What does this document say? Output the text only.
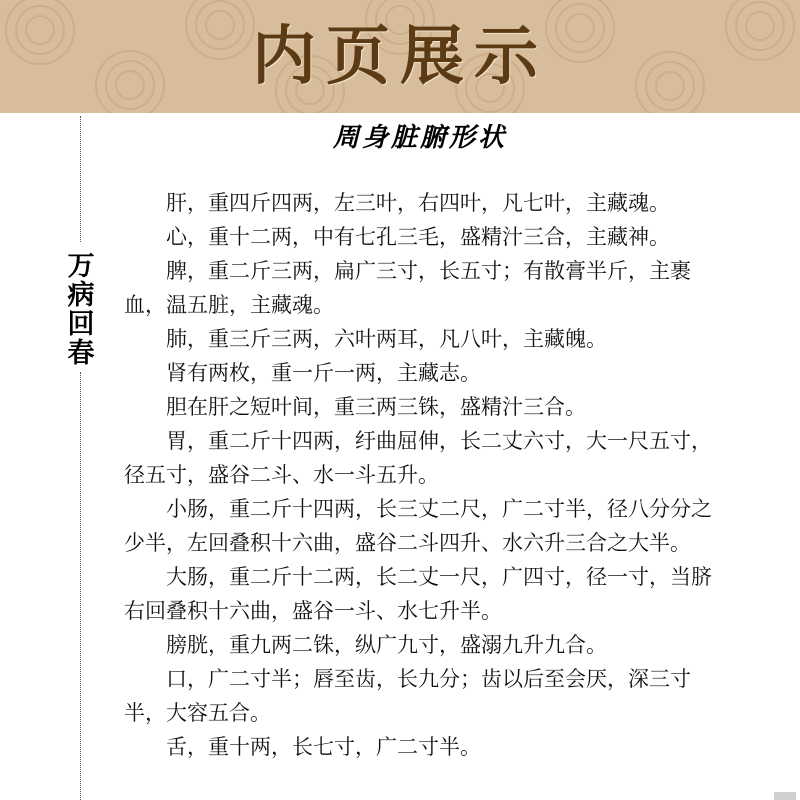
内页展示
万病回春
周身脏腑形状

肝，重四斤四两，左三叶，右四叶，凡七叶，主藏魂。

心，重十二两，中有七孔三毛，盛精汁三合，主藏神。

脾，重二斤三两，扁广三寸，长五寸；有散膏半斤，主裹血，温五脏，主藏魂。

肺，重三斤三两，六叶两耳，凡八叶，主藏魄。

肾有两枚，重一斤一两，主藏志。

胆在肝之短叶间，重三两三铢，盛精汁三合。

胃，重二斤十四两，纡曲屈伸，长二丈六寸，大一尺五寸，径五寸，盛谷二斗、水一斗五升。

小肠，重二斤十四两，长三丈二尺，广二寸半，径八分分之少半，左回叠积十六曲，盛谷二斗四升、水六升三合之大半。

大肠，重二斤十二两，长二丈一尺，广四寸，径一寸，当脐右回叠积十六曲，盛谷一斗、水七升半。

膀胱，重九两二铢，纵广九寸，盛溺九升九合。

口，广二寸半；唇至齿，长九分；齿以后至会厌，深三寸半，大容五合。

舌，重十两，长七寸，广二寸半。
